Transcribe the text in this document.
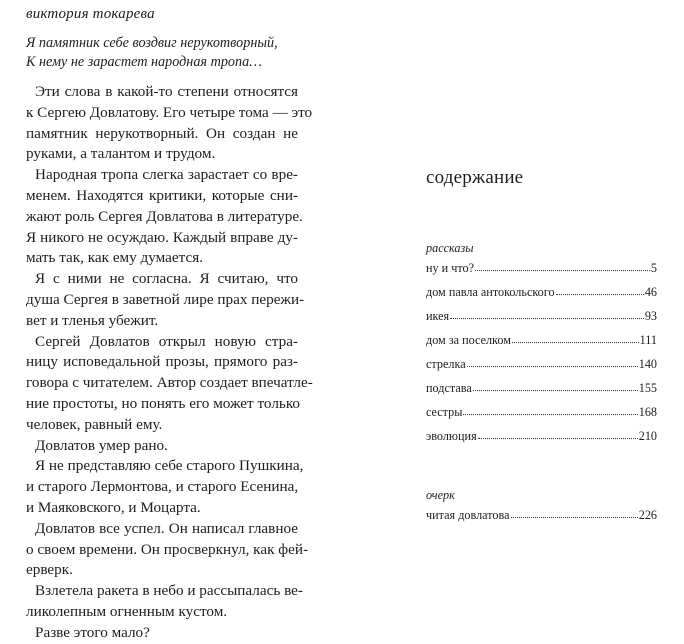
виктория токарева
Я памятник себе воздвиг нерукотворный,
К нему не зарастет народная тропа…
Эти слова в какой-то степени относятся
к Сергею Довлатову. Его четыре тома — это
памятник нерукотворный. Он создан не
руками, а талантом и трудом.
Народная тропа слегка зарастает со вре-
менем. Находятся критики, которые сни-
жают роль Сергея Довлатова в литературе.
Я никого не осуждаю. Каждый вправе ду-
мать так, как ему думается.
Я с ними не согласна. Я считаю, что
душа Сергея в заветной лире прах пережи-
вет и тленья убежит.
Сергей Довлатов открыл новую стра-
ницу исповедальной прозы, прямого раз-
говора с читателем. Автор создает впечатле-
ние простоты, но понять его может только
человек, равный ему.
Довлатов умер рано.
Я не представляю себе старого Пушкина,
и старого Лермонтова, и старого Есенина,
и Маяковского, и Моцарта.
Довлатов все успел. Он написал главное
о своем времени. Он просверкнул, как фей-
ерверк.
Взлетела ракета в небо и рассыпалась ве-
ликолепным огненным кустом.
Разве этого мало?
содержание
рассказы
ну и что?	5
дом павла антокольского	46
икея	93
дом за поселком	111
стрелка	140
подстава	155
сестры	168
эволюция	210
очерк
читая довлатова	226
